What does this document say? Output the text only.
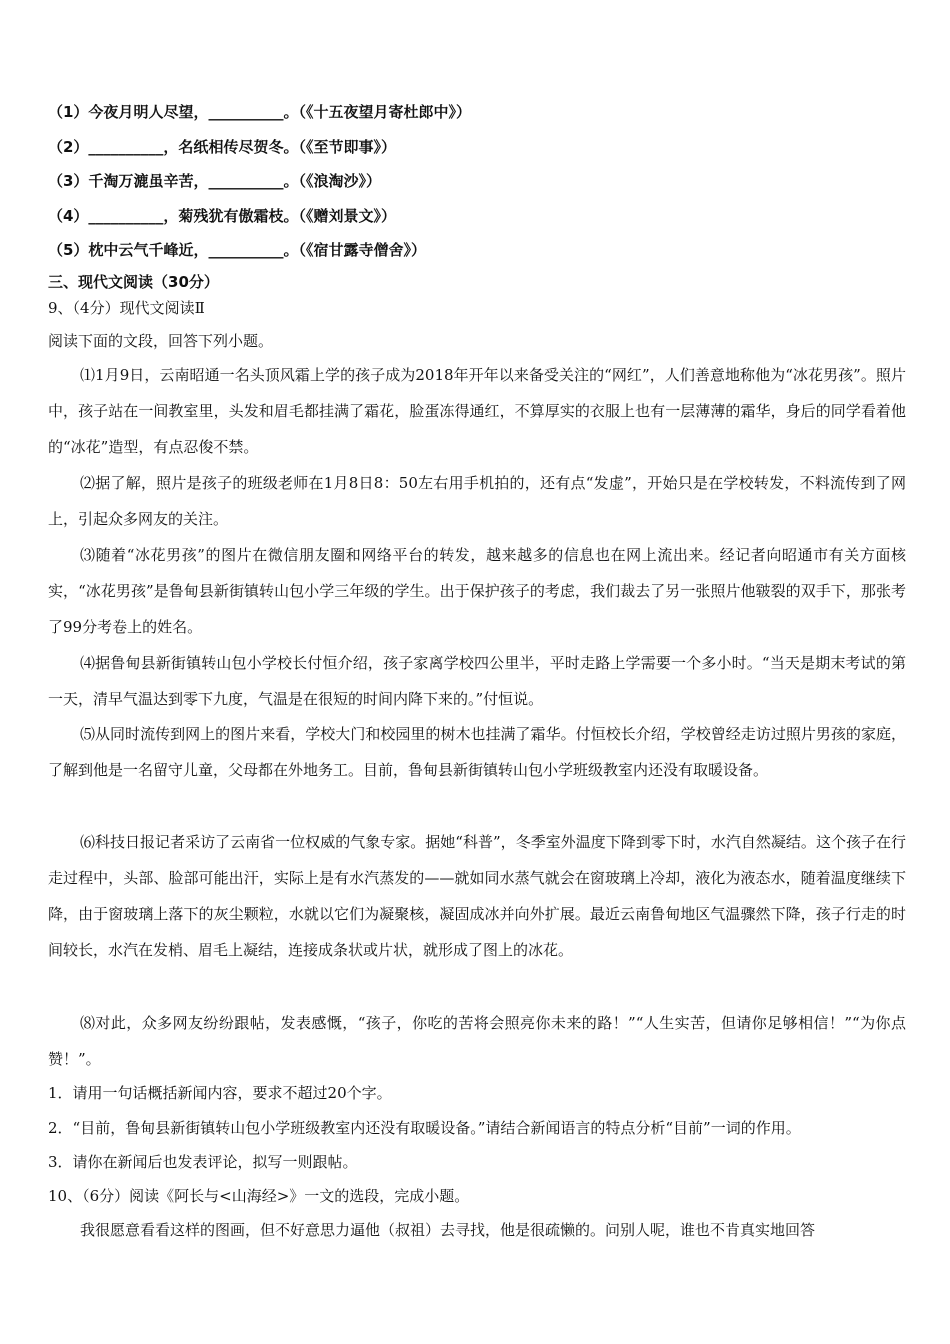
（1）今夜月明人尽望，__________。（《十五夜望月寄杜郎中》）
（2）__________，名纸相传尽贺冬。（《至节即事》）
（3）千淘万漉虽辛苦，__________。（《浪淘沙》）
（4）__________，菊残犹有傲霜枝。（《赠刘景文》）
（5）枕中云气千峰近，__________。（《宿甘露寺僧舍》）
三、现代文阅读（30分）
9、（4分）现代文阅读Ⅱ
阅读下面的文段，回答下列小题。
⑴1月9日，云南昭通一名头顶风霜上学的孩子成为2018年开年以来备受关注的“网红”，人们善意地称他为“冰花男孩”。照片中，孩子站在一间教室里，头发和眉毛都挂满了霜花，脸蛋冻得通红，不算厚实的衣服上也有一层薄薄的霜华，身后的同学看着他的“冰花”造型，有点忍俊不禁。
⑵据了解，照片是孩子的班级老师在1月8日8：50左右用手机拍的，还有点“发虚”，开始只是在学校转发，不料流传到了网上，引起众多网友的关注。
⑶随着“冰花男孩”的图片在微信朋友圈和网络平台的转发，越来越多的信息也在网上流出来。经记者向昭通市有关方面核实，“冰花男孩”是鲁甸县新街镇转山包小学三年级的学生。出于保护孩子的考虑，我们裁去了另一张照片他皲裂的双手下，那张考了99分考卷上的姓名。
⑷据鲁甸县新街镇转山包小学校长付恒介绍，孩子家离学校四公里半，平时走路上学需要一个多小时。“当天是期末考试的第一天，清早气温达到零下九度，气温是在很短的时间内降下来的。”付恒说。
⑸从同时流传到网上的图片来看，学校大门和校园里的树木也挂满了霜华。付恒校长介绍，学校曾经走访过照片男孩的家庭，了解到他是一名留守儿童，父母都在外地务工。目前，鲁甸县新街镇转山包小学班级教室内还没有取暖设备。
⑹科技日报记者采访了云南省一位权威的气象专家。据她“科普”，冬季室外温度下降到零下时，水汽自然凝结。这个孩子在行走过程中，头部、脸部可能出汗，实际上是有水汽蒸发的——就如同水蒸气就会在窗玻璃上冷却，液化为液态水，随着温度继续下降，由于窗玻璃上落下的灰尘颗粒，水就以它们为凝聚核，凝固成冰并向外扩展。最近云南鲁甸地区气温骤然下降，孩子行走的时间较长，水汽在发梢、眉毛上凝结，连接成条状或片状，就形成了图上的冰花。
⑻对此，众多网友纷纷跟帖，发表感慨，“孩子，你吃的苦将会照亮你未来的路！”“人生实苦，但请你足够相信！”“为你点赞！”。
1．请用一句话概括新闻内容，要求不超过20个字。
2．“目前，鲁甸县新街镇转山包小学班级教室内还没有取暖设备。”请结合新闻语言的特点分析“目前”一词的作用。
3．请你在新闻后也发表评论，拟写一则跟帖。
10、（6分）阅读《阿长与<山海经>》一文的选段，完成小题。
我很愿意看看这样的图画，但不好意思力逼他（叔祖）去寻找，他是很疏懒的。问别人呢，谁也不肯真实地回答
